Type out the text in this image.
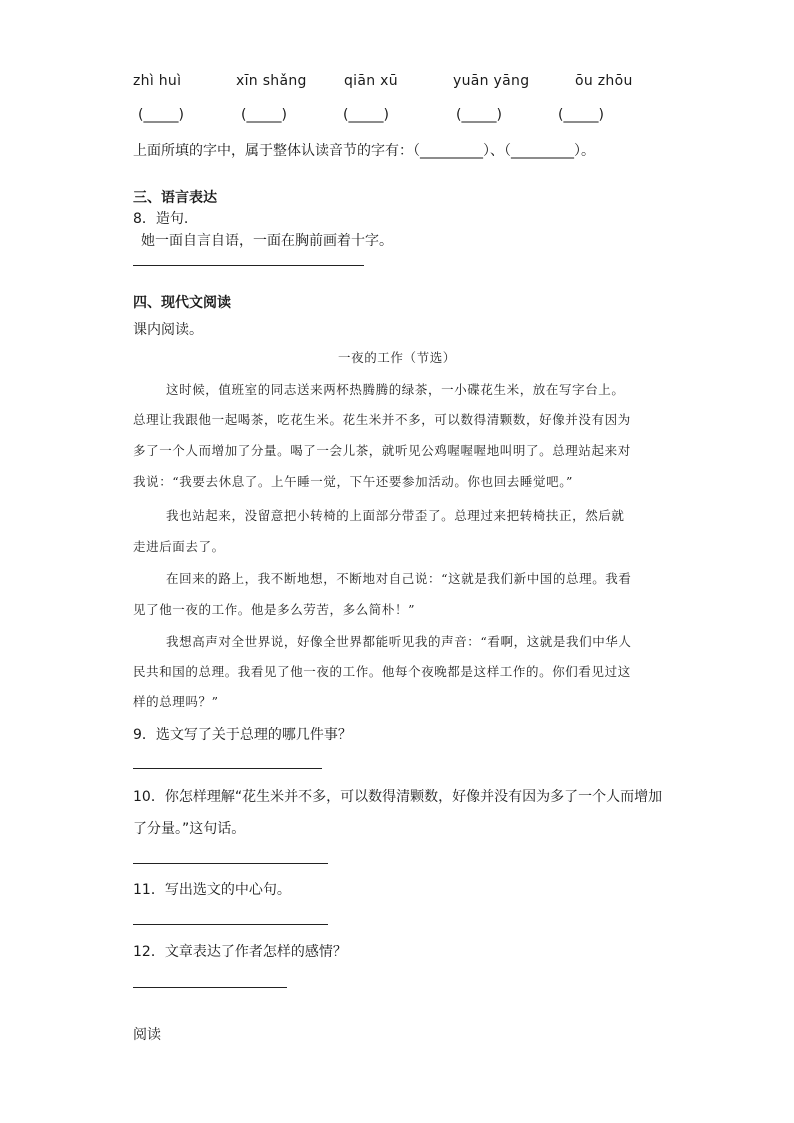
zhì huì	xīn shǎng	qiān xū	yuān yāng	ōu zhōu
(_____)	(_____)	(_____)	(_____)	(_____)
上面所填的字中，属于整体认读音节的字有：（_________）、（_________）。
三、语言表达
8．造句.
她一面自言自语，一面在胸前画着十字。
四、现代文阅读
课内阅读。
一夜的工作（节选）
这时候，值班室的同志送来两杯热腾腾的绿茶，一小碟花生米，放在写字台上。
总理让我跟他一起喝茶，吃花生米。花生米并不多，可以数得清颗数，好像并没有因为
多了一个人而增加了分量。喝了一会儿茶，就听见公鸡喔喔喔地叫明了。总理站起来对
我说：“我要去休息了。上午睡一觉，下午还要参加活动。你也回去睡觉吧。”
我也站起来，没留意把小转椅的上面部分带歪了。总理过来把转椅扶正，然后就
走进后面去了。
在回来的路上，我不断地想，不断地对自己说：“这就是我们新中国的总理。我看
见了他一夜的工作。他是多么劳苦，多么简朴！”
我想高声对全世界说，好像全世界都能听见我的声音：“看啊，这就是我们中华人
民共和国的总理。我看见了他一夜的工作。他每个夜晚都是这样工作的。你们看见过这
样的总理吗？”
9．选文写了关于总理的哪几件事？
10．你怎样理解“花生米并不多，可以数得清颗数，好像并没有因为多了一个人而增加
了分量。”这句话。
11．写出选文的中心句。
12．文章表达了作者怎样的感情？
阅读
